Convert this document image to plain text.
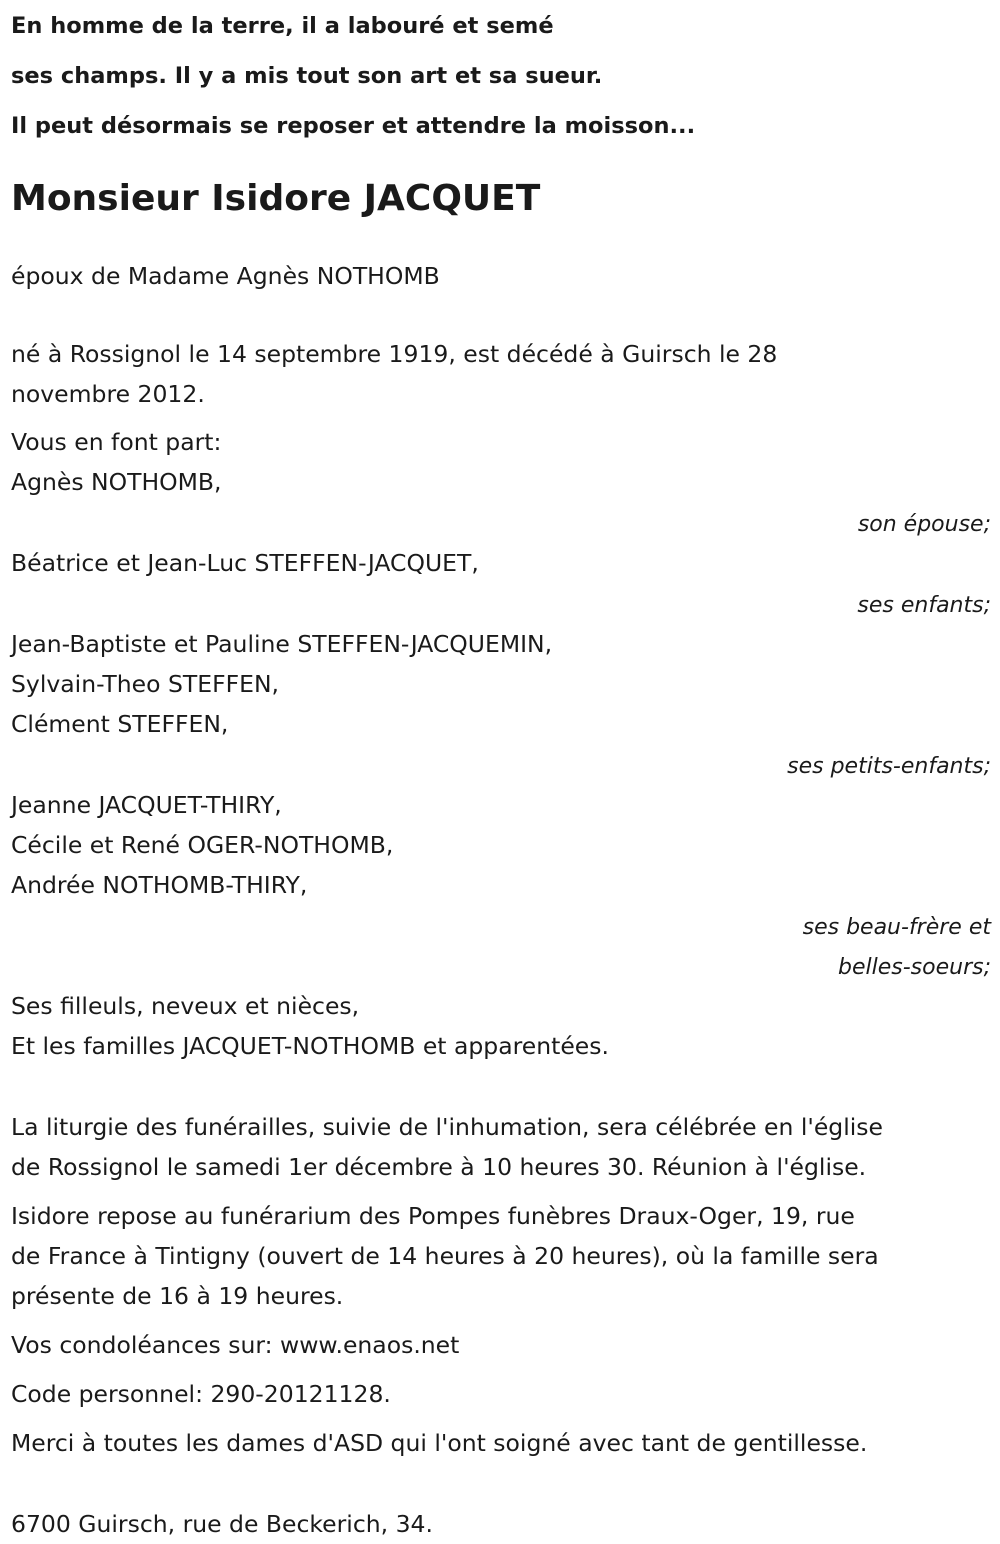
En homme de la terre, il a labouré et semé
ses champs. Il y a mis tout son art et sa sueur.
Il peut désormais se reposer et attendre la moisson...
Monsieur Isidore JACQUET
époux de Madame Agnès NOTHOMB
né à Rossignol le 14 septembre 1919, est décédé à Guirsch le 28
novembre 2012.
Vous en font part:
Agnès NOTHOMB,
son épouse;
Béatrice et Jean-Luc STEFFEN-JACQUET,
ses enfants;
Jean-Baptiste et Pauline STEFFEN-JACQUEMIN,
Sylvain-Theo STEFFEN,
Clément STEFFEN,
ses petits-enfants;
Jeanne JACQUET-THIRY,
Cécile et René OGER-NOTHOMB,
Andrée NOTHOMB-THIRY,
ses beau-frère et
belles-soeurs;
Ses filleuls, neveux et nièces,
Et les familles JACQUET-NOTHOMB et apparentées.
La liturgie des funérailles, suivie de l'inhumation, sera célébrée en l'église
de Rossignol le samedi 1er décembre à 10 heures 30. Réunion à l'église.
Isidore repose au funérarium des Pompes funèbres Draux-Oger, 19, rue
de France à Tintigny (ouvert de 14 heures à 20 heures), où la famille sera
présente de 16 à 19 heures.
Vos condoléances sur: www.enaos.net
Code personnel: 290-20121128.
Merci à toutes les dames d'ASD qui l'ont soigné avec tant de gentillesse.
6700 Guirsch, rue de Beckerich, 34.
